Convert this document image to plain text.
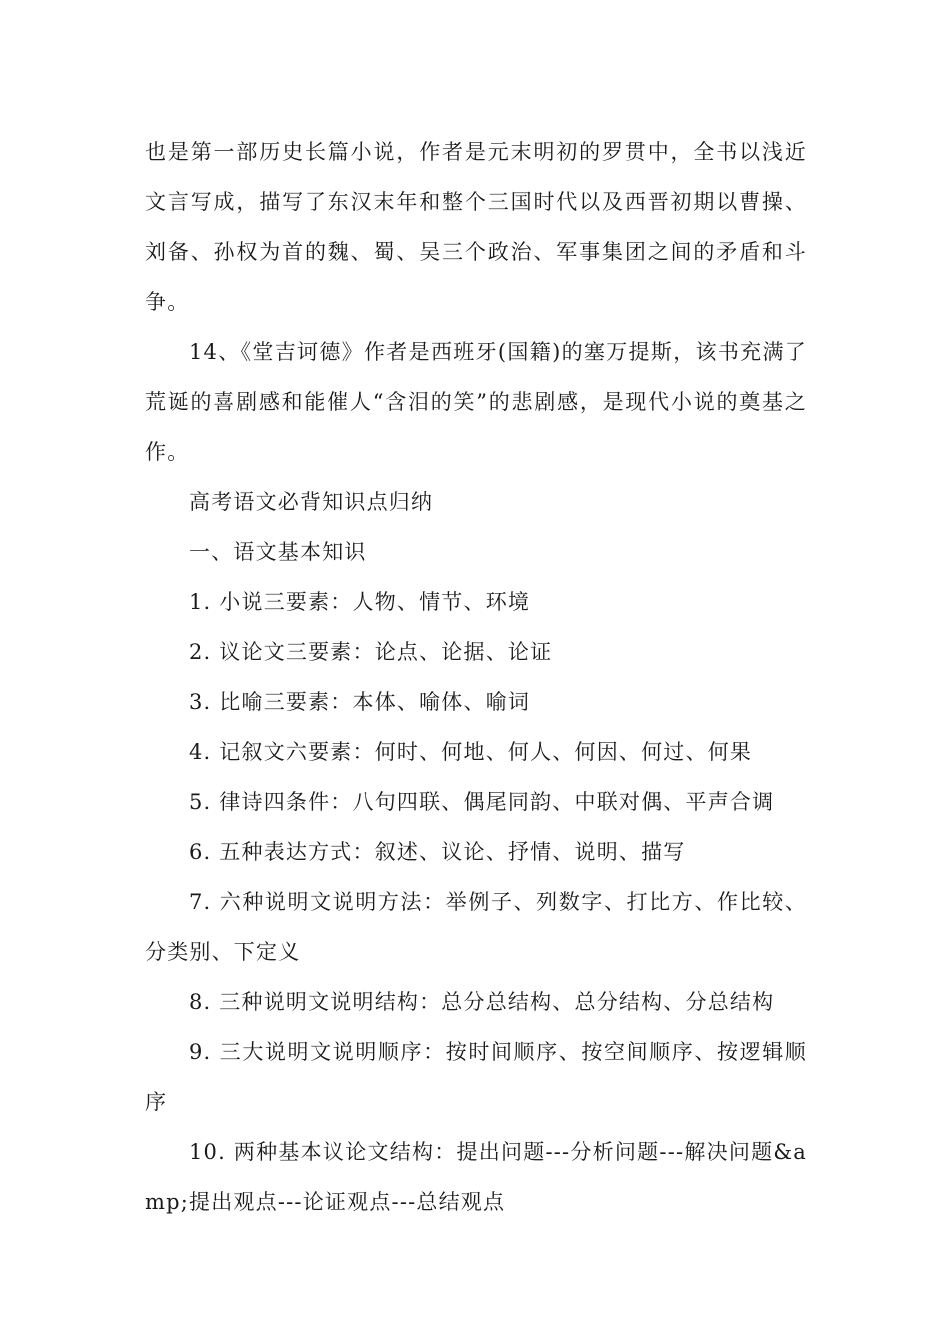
也是第一部历史长篇小说，作者是元末明初的罗贯中，全书以浅近文言写成，描写了东汉末年和整个三国时代以及西晋初期以曹操、刘备、孙权为首的魏、蜀、吴三个政治、军事集团之间的矛盾和斗争。

14、《堂吉诃德》作者是西班牙(国籍)的塞万提斯，该书充满了荒诞的喜剧感和能催人“含泪的笑”的悲剧感，是现代小说的奠基之作。

高考语文必背知识点归纳

一、语文基本知识

1. 小说三要素：人物、情节、环境

2. 议论文三要素：论点、论据、论证

3. 比喻三要素：本体、喻体、喻词

4. 记叙文六要素：何时、何地、何人、何因、何过、何果

5. 律诗四条件：八句四联、偶尾同韵、中联对偶、平声合调

6. 五种表达方式：叙述、议论、抒情、说明、描写

7. 六种说明文说明方法：举例子、列数字、打比方、作比较、分类别、下定义

8. 三种说明文说明结构：总分总结构、总分结构、分总结构

9. 三大说明文说明顺序：按时间顺序、按空间顺序、按逻辑顺序

10. 两种基本议论文结构：提出问题---分析问题---解决问题&amp;提出观点---论证观点---总结观点
